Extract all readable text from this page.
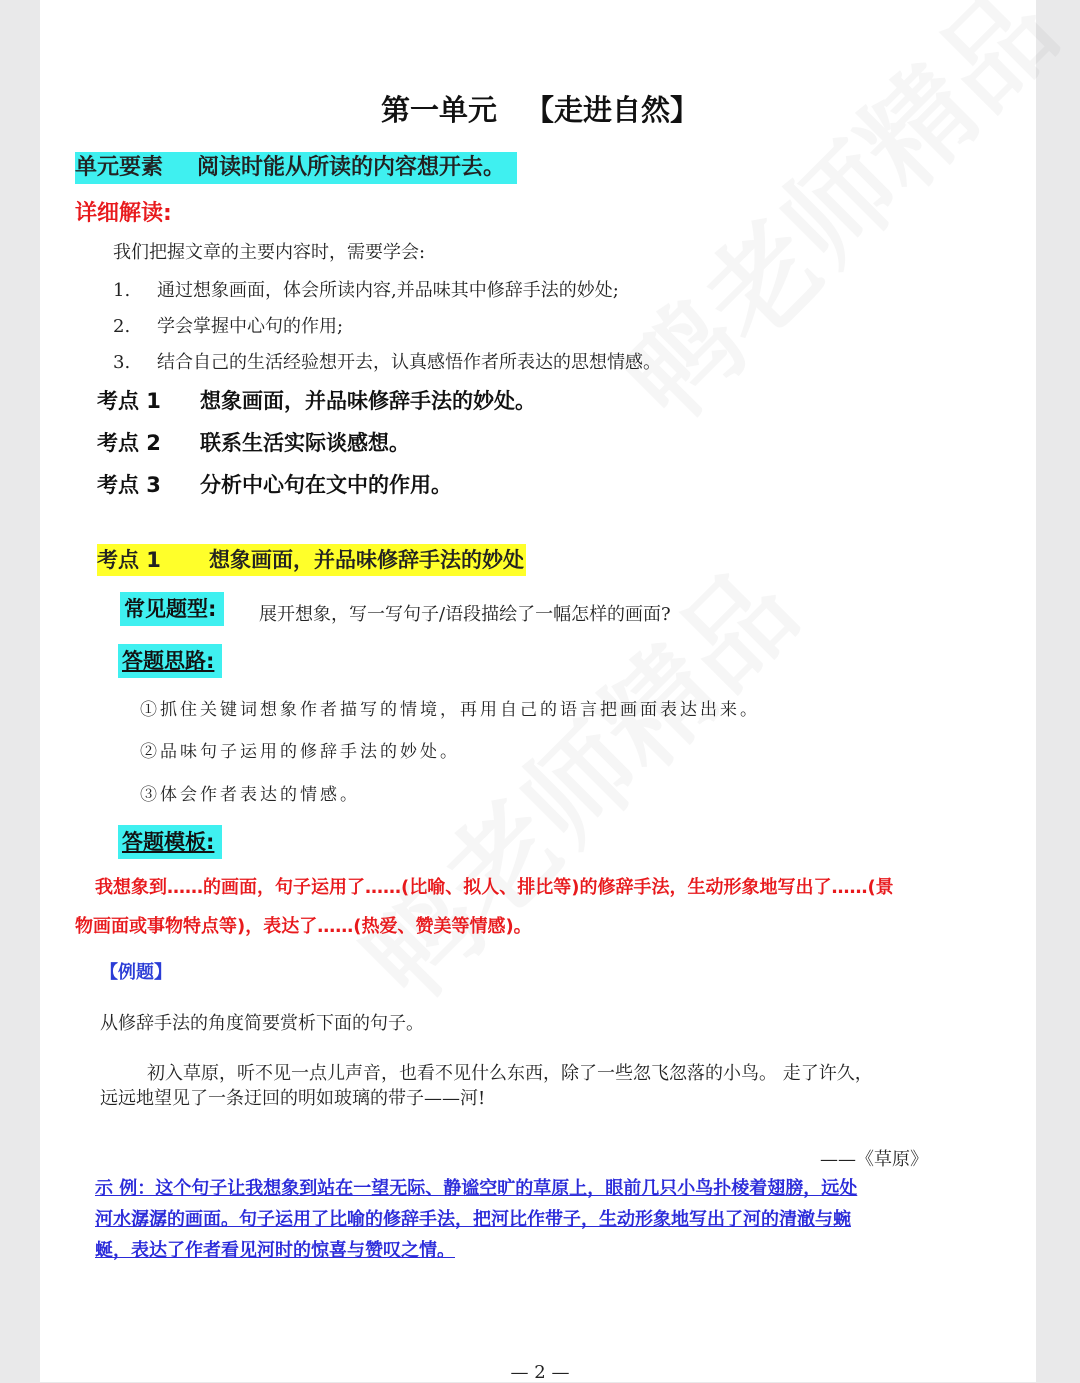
第一单元 【走进自然】
单元要素 阅读时能从所读的内容想开去。
详细解读:
我们把握文章的主要内容时，需要学会:
1. 通过想象画面，体会所读内容,并品味其中修辞手法的妙处;
2. 学会掌握中心句的作用;
3. 结合自己的生活经验想开去，认真感悟作者所表达的思想情感。
考点 1 想象画面，并品味修辞手法的妙处。
考点 2 联系生活实际谈感想。
考点 3 分析中心句在文中的作用。
考点 1 想象画面，并品味修辞手法的妙处
常见题型:	展开想象，写一写句子/语段描绘了一幅怎样的画面?
答题思路:
①抓住关键词想象作者描写的情境，再用自己的语言把画面表达出来。
②品味句子运用的修辞手法的妙处。
③体会作者表达的情感。
答题模板:
我想象到……的画面，句子运用了……(比喻、拟人、排比等)的修辞手法，生动形象地写出了……(景
物画面或事物特点等)，表达了……(热爱、赞美等情感)。
【例题】
从修辞手法的角度简要赏析下面的句子。
初入草原，听不见一点儿声音，也看不见什么东西，除了一些忽飞忽落的小鸟。 走了许久，
远远地望见了一条迂回的明如玻璃的带子——河!
——《草原》
示 例：这个句子让我想象到站在一望无际、静谧空旷的草原上，眼前几只小鸟扑棱着翅膀，远处
河水潺潺的画面。句子运用了比喻的修辞手法，把河比作带子，生动形象地写出了河的清澈与蜿
蜒，表达了作者看见河时的惊喜与赞叹之情。
— 2 —
